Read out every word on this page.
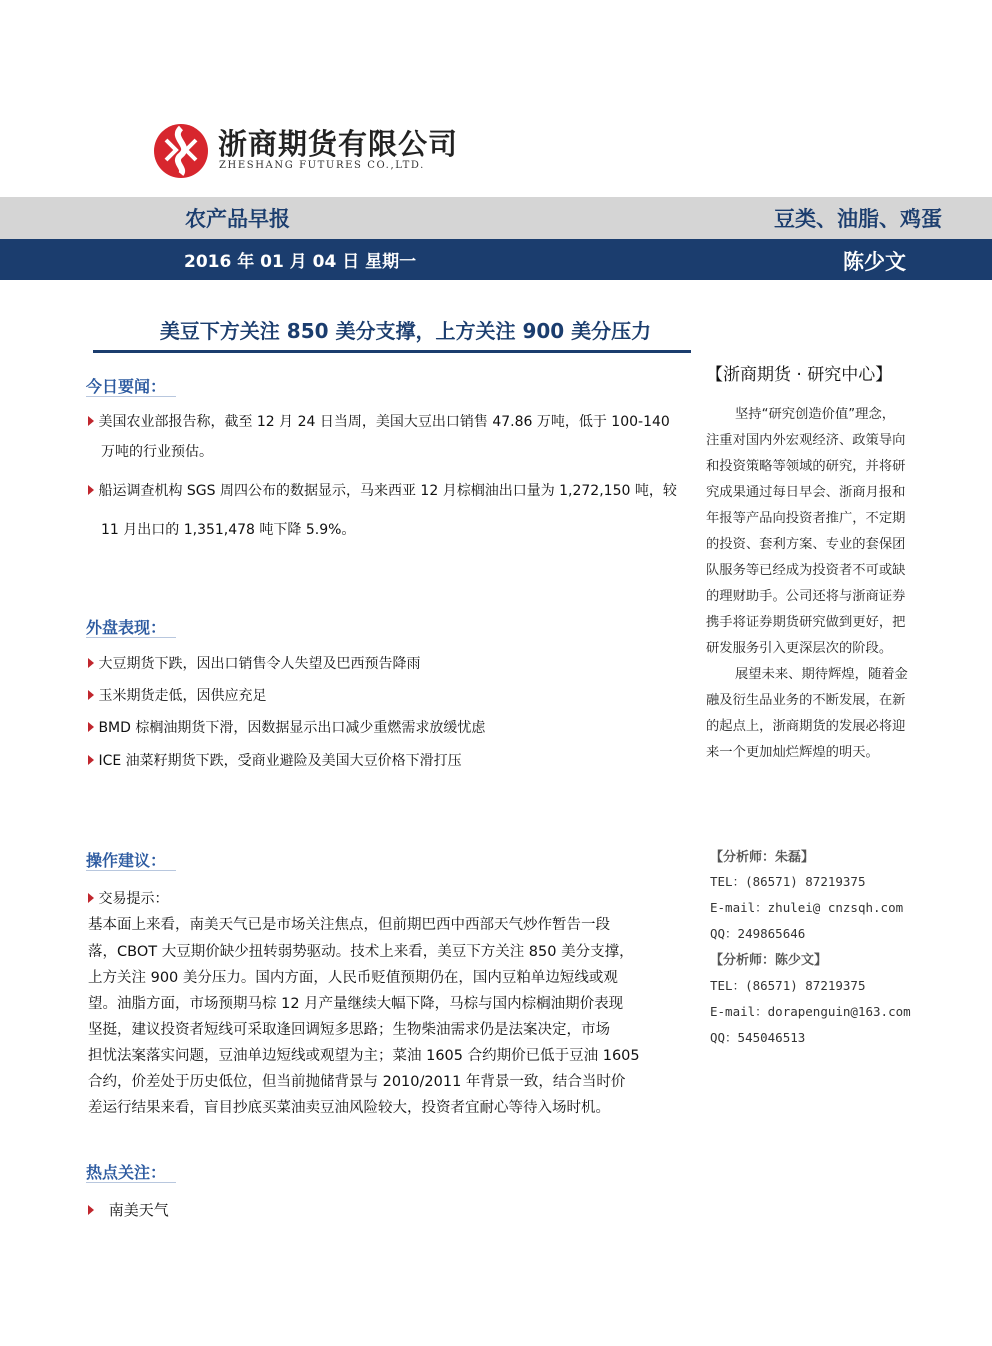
浙商期货有限公司
ZHESHANG FUTURES CO.,LTD.
农产品早报	豆类、油脂、鸡蛋
2016 年 01 月 04 日 星期一	陈少文
美豆下方关注 850 美分支撑，上方关注 900 美分压力
今日要闻：
美国农业部报告称，截至 12 月 24 日当周，美国大豆出口销售 47.86 万吨，低于 100-140
万吨的行业预估。
船运调查机构 SGS 周四公布的数据显示，马来西亚 12 月棕榈油出口量为 1,272,150 吨，较
11 月出口的 1,351,478 吨下降 5.9%。
外盘表现：
大豆期货下跌，因出口销售令人失望及巴西预告降雨
玉米期货走低，因供应充足
BMD 棕榈油期货下滑，因数据显示出口减少重燃需求放缓忧虑
ICE 油菜籽期货下跌，受商业避险及美国大豆价格下滑打压
操作建议：
交易提示：
基本面上来看，南美天气已是市场关注焦点，但前期巴西中西部天气炒作暂告一段
落，CBOT 大豆期价缺少扭转弱势驱动。技术上来看，美豆下方关注 850 美分支撑，
上方关注 900 美分压力。国内方面，人民币贬值预期仍在，国内豆粕单边短线或观
望。油脂方面，市场预期马棕 12 月产量继续大幅下降，马棕与国内棕榈油期价表现
坚挺，建议投资者短线可采取逢回调短多思路；生物柴油需求仍是法案决定，市场
担忧法案落实问题，豆油单边短线或观望为主；菜油 1605 合约期价已低于豆油 1605
合约，价差处于历史低位，但当前抛储背景与 2010/2011 年背景一致，结合当时价
差运行结果来看，盲目抄底买菜油卖豆油风险较大，投资者宜耐心等待入场时机。
热点关注：
南美天气
【浙商期货 · 研究中心】
坚持“研究创造价值”理念，
注重对国内外宏观经济、政策导向
和投资策略等领域的研究，并将研
究成果通过每日早会、浙商月报和
年报等产品向投资者推广，不定期
的投资、套利方案、专业的套保团
队服务等已经成为投资者不可或缺
的理财助手。公司还将与浙商证券
携手将证券期货研究做到更好，把
研发服务引入更深层次的阶段。
展望未来、期待辉煌，随着金
融及衍生品业务的不断发展，在新
的起点上，浙商期货的发展必将迎
来一个更加灿烂辉煌的明天。
【分析师：朱磊】
TEL：(86571) 87219375
E-mail：zhulei@ cnzsqh.com
QQ：249865646
【分析师：陈少文】
TEL：(86571) 87219375
E-mail：dorapenguin@163.com
QQ：545046513
